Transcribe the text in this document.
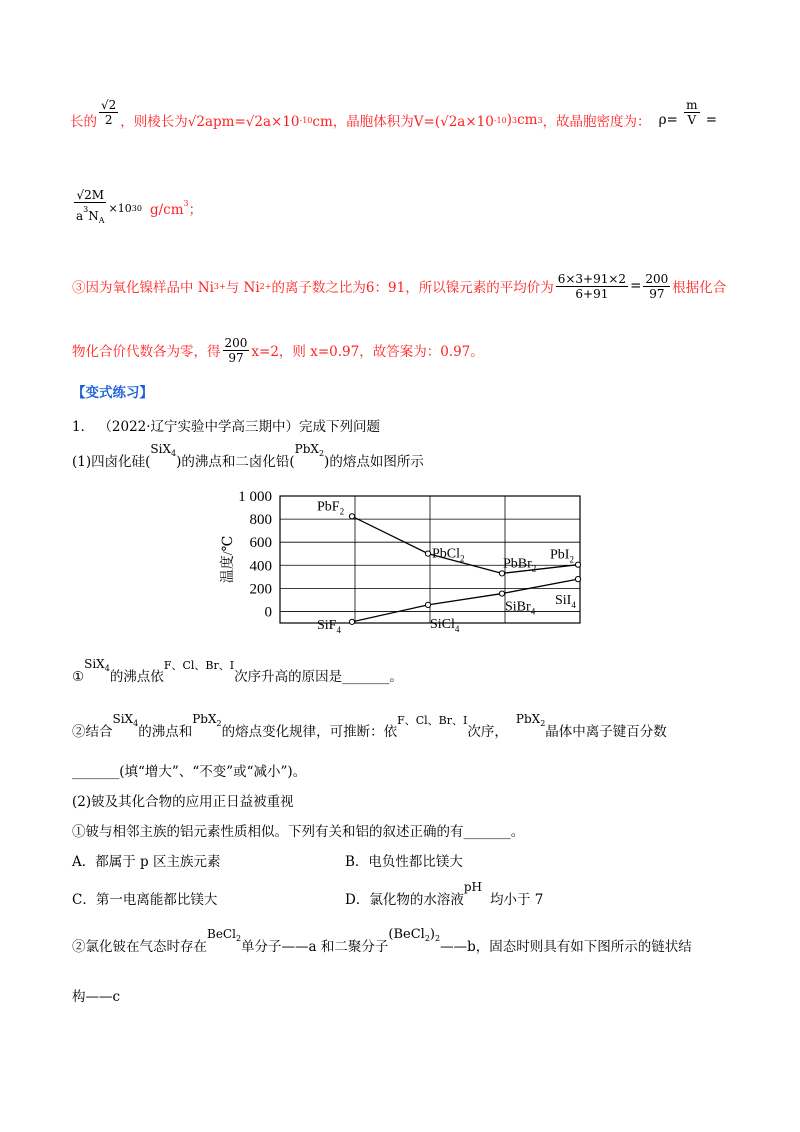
长的 $\frac{√2}{2}$ ，则棱长为√2apm=√2a×10 -10 cm，晶胞体积为V=(√2a×10 -10 ) 3 cm 3 ，故晶胞密度为： $\rho= \frac{m}{V}$ =
$\frac{√2M}{a^3N_A} \times 10$ 30 $g/cm^3$；
③因为氧化镍样品中 Ni 3+ 与 Ni 2+ 的离子数之比为6：91，所以镍元素的平均价为 $\frac{6\times 3+91\times 2}{6+91} = \frac{200}{97}$ 根据化合
物化合价代数各为零，得 $\frac{200}{97} x=2$，则 x=0.97，故答案为：0.97。
【变式练习】
1． （2022·辽宁实验中学高三期中）完成下列问题
(1)四卤化硅(
SiX$_4$
)的沸点和二卤化铅(
PbX$_2$
)的熔点如图所示
1 000
800
600
400
200
0
温度/℃
PbF$_2$
PbCl$_2$	PbBr$_2$
PbI$_2$
SiF$_4$	SiCl$_4$
SiBr$_4$
SiI$_4$
①
SiX$_4$
的沸点依
F、Cl、Br、I
次序升高的原因是 _______ 。
②结合
SiX$_4$
的沸点和
PbX$_2$
的熔点变化规律，可推断：依
F、Cl、Br、I
次序，
PbX$_2$
晶体中离子键百分数
_______(填“增大”、“不变”或“减小”)。
(2)铍及其化合物的应用正日益被重视
①铍与相邻主族的铝元素性质相似。下列有关和铝的叙述正确的有_______。
A．都属于 p 区主族元素	B．电负性都比镁大
C．第一电离能都比镁大	D．氯化物的水溶液
pH
均小于 7
②氯化铍在气态时存在
BeCl$_2$
单分子——a 和二聚分子
$(BeCl_2)_2$
——b，固态时则具有如下图所示的链状结
构——c
